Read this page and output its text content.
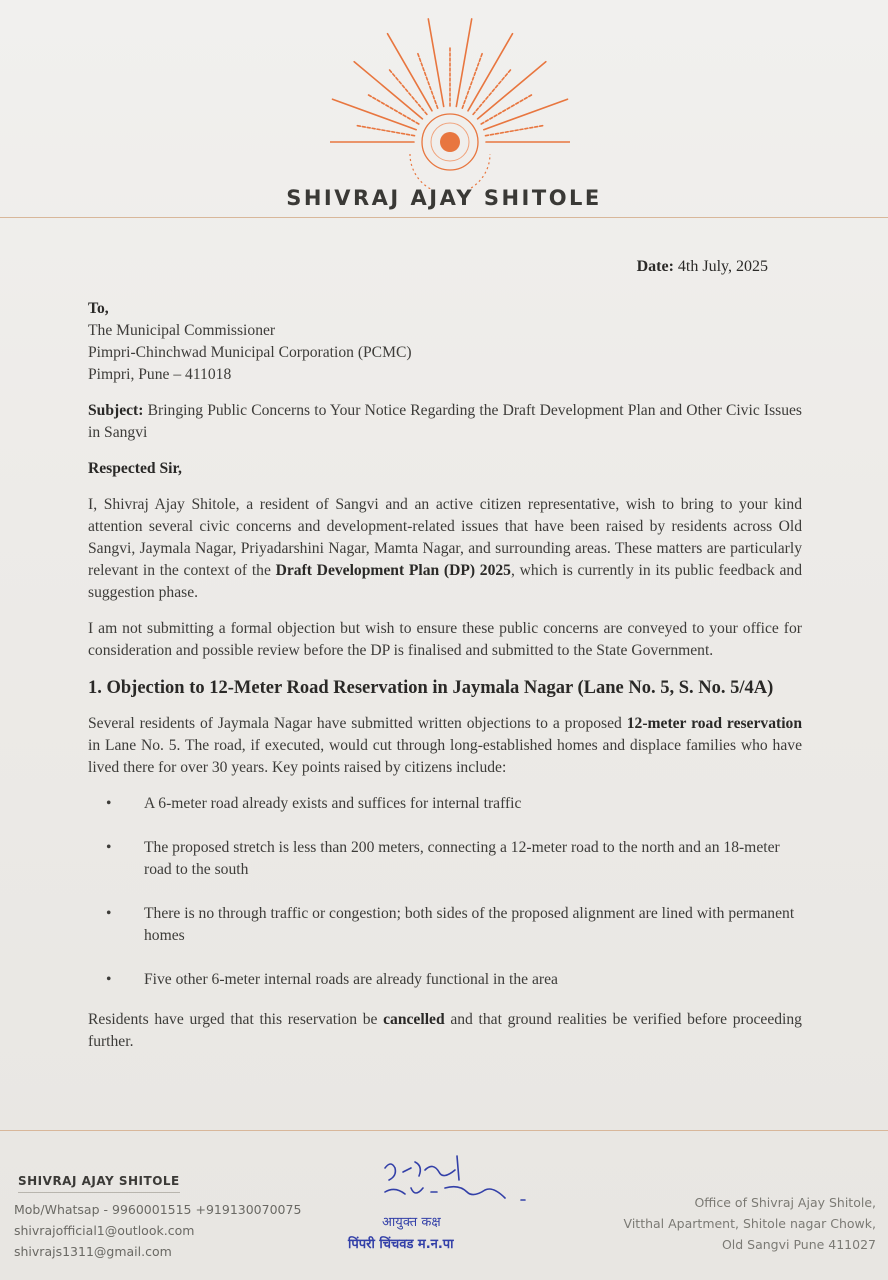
SHIVRAJ AJAY SHITOLE
Date: 4th July, 2025
To,
The Municipal Commissioner
Pimpri-Chinchwad Municipal Corporation (PCMC)
Pimpri, Pune – 411018

Subject: Bringing Public Concerns to Your Notice Regarding the Draft Development Plan and Other Civic Issues in Sangvi

Respected Sir,

I, Shivraj Ajay Shitole, a resident of Sangvi and an active citizen representative, wish to bring to your kind attention several civic concerns and development-related issues that have been raised by residents across Old Sangvi, Jaymala Nagar, Priyadarshini Nagar, Mamta Nagar, and surrounding areas. These matters are particularly relevant in the context of the Draft Development Plan (DP) 2025, which is currently in its public feedback and suggestion phase.

I am not submitting a formal objection but wish to ensure these public concerns are conveyed to your office for consideration and possible review before the DP is finalised and submitted to the State Government.

1. Objection to 12-Meter Road Reservation in Jaymala Nagar (Lane No. 5, S. No. 5/4A)

Several residents of Jaymala Nagar have submitted written objections to a proposed 12-meter road reservation in Lane No. 5. The road, if executed, would cut through long-established homes and displace families who have lived there for over 30 years. Key points raised by citizens include:

• A 6-meter road already exists and suffices for internal traffic
• The proposed stretch is less than 200 meters, connecting a 12-meter road to the north and an 18-meter road to the south
• There is no through traffic or congestion; both sides of the proposed alignment are lined with permanent homes
• Five other 6-meter internal roads are already functional in the area

Residents have urged that this reservation be cancelled and that ground realities be verified before proceeding further.

SHIVRAJ AJAY SHITOLE
Mob/Whatsap - 9960001515 +919130070075
shivrajofficial1@outlook.com
shivrajs1311@gmail.com
आयुक्त कक्ष
पिंपरी चिंचवड म.न.पा
Office of Shivraj Ajay Shitole,
Vitthal Apartment, Shitole nagar Chowk,
Old Sangvi Pune 411027
